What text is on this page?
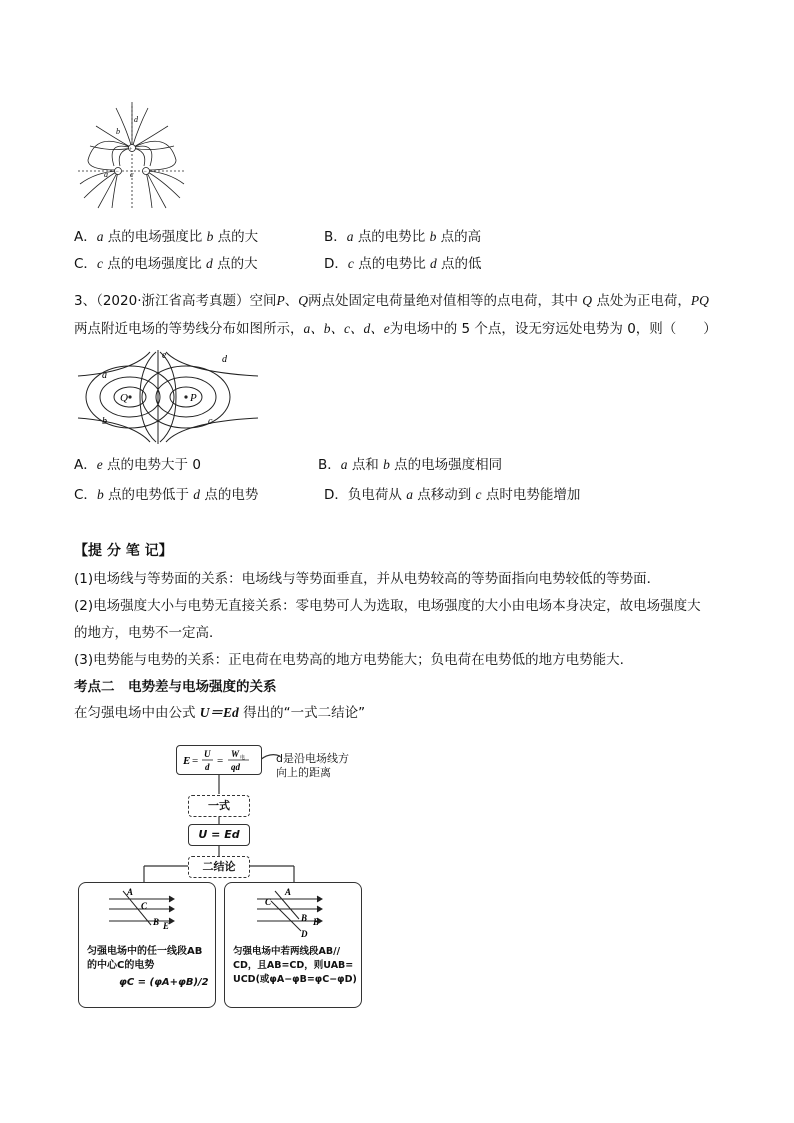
+
−	−
d
b
a	c
A．a 点的电场强度比 b 点的大	B．a 点的电势比 b 点的高
C．c 点的电场强度比 d 点的大	D．c 点的电势比 d 点的低
3、（2020·浙江省高考真题）空间P、Q两点处固定电荷量绝对值相等的点电荷，其中 Q 点处为正电荷，PQ
两点附近电场的等势线分布如图所示，a、b、c、d、e为电场中的 5 个点，设无穷远处电势为 0，则（　　）
Q	P
e
a
d
b	c
A．e 点的电势大于 0	B．a 点和 b 点的电场强度相同
C．b 点的电势低于 d 点的电势	D．负电荷从 a 点移动到 c 点时电势能增加
【提 分 笔 记】
(1)电场线与等势面的关系：电场线与等势面垂直，并从电势较高的等势面指向电势较低的等势面．
(2)电场强度大小与电势无直接关系：零电势可人为选取，电场强度的大小由电场本身决定，故电场强度大
的地方，电势不一定高．
(3)电势能与电势的关系：正电荷在电势高的地方电势能大；负电荷在电势低的地方电势能大.
考点二　电势差与电场强度的关系
在匀强电场中由公式 U＝Ed 得出的“一式二结论”
E =
U
d =
W 电
qd
d是沿电场线方
向上的距离
一式
U = Ed
二结论
A
C
B E
匀强电场中的任一线段AB
的中心C的电势
φC = (φA+φB)/2
A
C
B E
D
匀强电场中若两线段AB//
CD，且AB=CD，则UAB=
UCD(或φA−φB=φC−φD)
